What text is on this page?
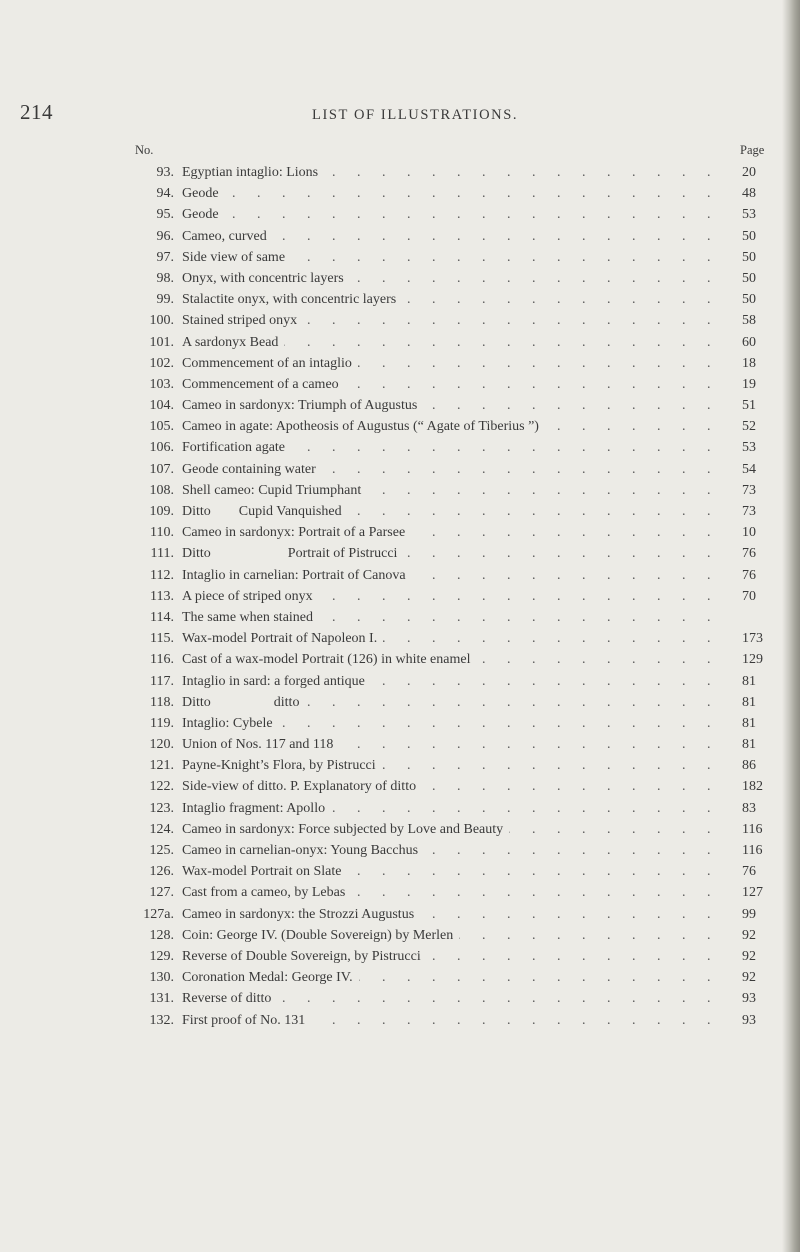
214	LIST OF ILLUSTRATIONS.
No.	Page
93. . . . Egyptian intaglio: Lions	20
94. . . . Geode	48
95. . . . Geode	53
96. . . . Cameo, curved	50
97. . . . Side view of same	50
98. . . . Onyx, with concentric layers	50
99. . . . Stalactite onyx, with concentric layers	50
100. . . . Stained striped onyx	58
101. . . . A sardonyx Bead	60
102. . . . Commencement of an intaglio	18
103. . . . Commencement of a cameo	19
104. . . . Cameo in sardonyx: Triumph of Augustus	51
105. . . . Cameo in agate: Apotheosis of Augustus (“ Agate of Tiberius ”)	52
106. . . . Fortification agate	53
107. . . . Geode containing water	54
108. . . . Shell cameo: Cupid Triumphant	73
109. . . . Ditto        Cupid Vanquished	73
110. . . . Cameo in sardonyx: Portrait of a Parsee	10
111. . . . Ditto                      Portrait of Pistrucci	76
112. . . . Intaglio in carnelian: Portrait of Canova	76
113. . . . A piece of striped onyx	70
114. . . . The same when stained
115. . . . Wax-model Portrait of Napoleon I.	173
116. . . . Cast of a wax-model Portrait (126) in white enamel	129
117. . . . Intaglio in sard: a forged antique	81
118. . . . Ditto                  ditto	81
119. . . . Intaglio: Cybele	81
120. . . . Union of Nos. 117 and 118	81
121. . . . Payne-Knight’s Flora, by Pistrucci	86
122. . . . Side-view of ditto. P. Explanatory of ditto	182
123. . . . Intaglio fragment: Apollo	83
124. . . . Cameo in sardonyx: Force subjected by Love and Beauty	116
125. . . . Cameo in carnelian-onyx: Young Bacchus	116
126. . . . Wax-model Portrait on Slate	76
127. . . . Cast from a cameo, by Lebas	127
127a. . . . Cameo in sardonyx: the Strozzi Augustus	99
128. . . . Coin: George IV. (Double Sovereign) by Merlen	92
129. . . . Reverse of Double Sovereign, by Pistrucci	92
130. . . . Coronation Medal: George IV.	92
131. . . . Reverse of ditto	93
132. . . . First proof of No. 131	93
